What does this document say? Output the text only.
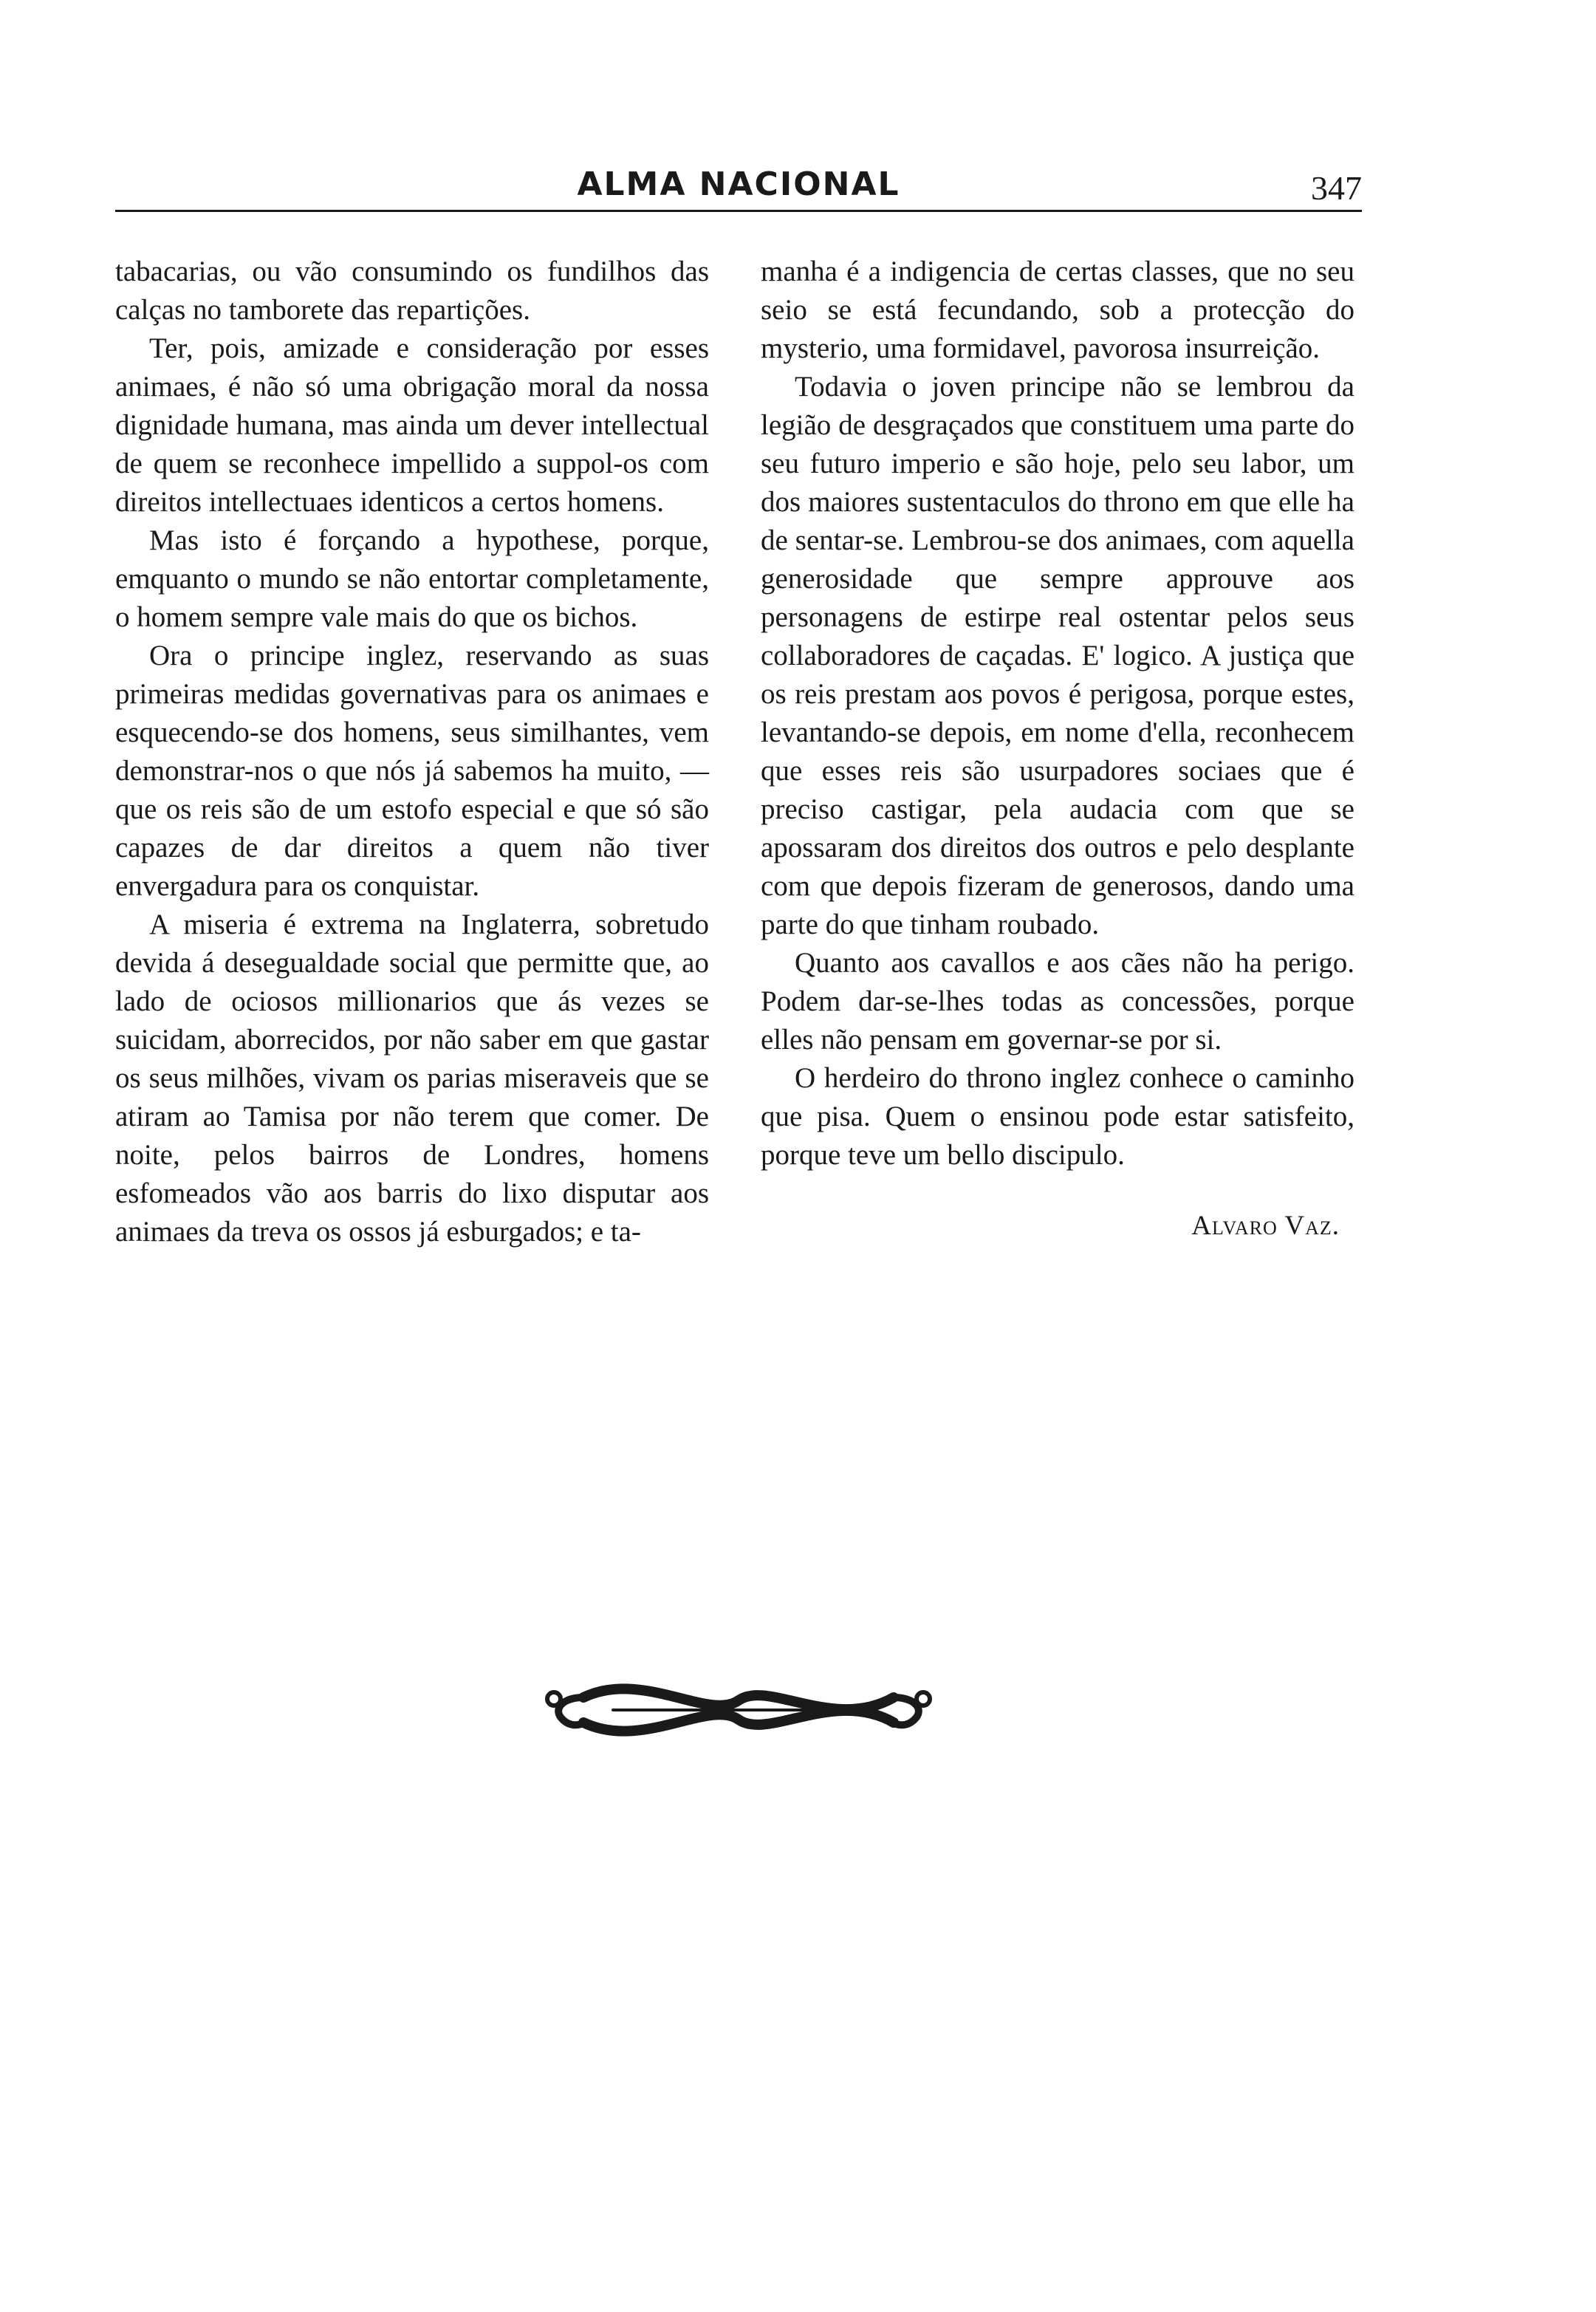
ALMA NACIONAL	347

tabacarias, ou vão consumindo os fundilhos das calças no tamborete das repartições.

Ter, pois, amizade e consideração por esses animaes, é não só uma obrigação moral da nossa dignidade humana, mas ainda um dever intellectual de quem se reconhece impellido a suppol-os com direitos intellectuaes identicos a certos homens.

Mas isto é forçando a hypothese, porque, emquanto o mundo se não entortar completamente, o homem sempre vale mais do que os bichos.

Ora o principe inglez, reservando as suas primeiras medidas governativas para os animaes e esquecendo-se dos homens, seus similhantes, vem demonstrar-nos o que nós já sabemos ha muito, — que os reis são de um estofo especial e que só são capazes de dar direitos a quem não tiver envergadura para os conquistar.

A miseria é extrema na Inglaterra, sobretudo devida á desegualdade social que permitte que, ao lado de ociosos millionarios que ás vezes se suicidam, aborrecidos, por não saber em que gastar os seus milhões, vivam os parias miseraveis que se atiram ao Tamisa por não terem que comer. De noite, pelos bairros de Londres, homens esfomeados vão aos barris do lixo disputar aos animaes da treva os ossos já esburgados; e ta-

manha é a indigencia de certas classes, que no seu seio se está fecundando, sob a protecção do mysterio, uma formidavel, pavorosa insurreição.

Todavia o joven principe não se lembrou da legião de desgraçados que constituem uma parte do seu futuro imperio e são hoje, pelo seu labor, um dos maiores sustentaculos do throno em que elle ha de sentar-se. Lembrou-se dos animaes, com aquella generosidade que sempre approuve aos personagens de estirpe real ostentar pelos seus collaboradores de caçadas. E' logico. A justiça que os reis prestam aos povos é perigosa, porque estes, levantando-se depois, em nome d'ella, reconhecem que esses reis são usurpadores sociaes que é preciso castigar, pela audacia com que se apossaram dos direitos dos outros e pelo desplante com que depois fizeram de generosos, dando uma parte do que tinham roubado.

Quanto aos cavallos e aos cães não ha perigo. Podem dar-se-lhes todas as concessões, porque elles não pensam em governar-se por si.

O herdeiro do throno inglez conhece o caminho que pisa. Quem o ensinou pode estar satisfeito, porque teve um bello discipulo.

Alvaro Vaz.
